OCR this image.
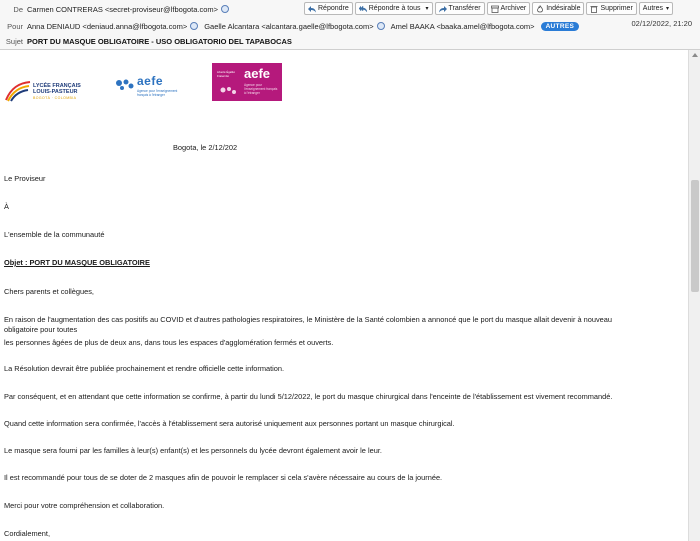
De Carmen CONTRERAS <secret-proviseur@lfbogota.com>	Répondre	Répondre à tous ▾	Transférer	Archiver	Indésirable	Supprimer Autres ▾
Pour Anna DENIAUD <deniaud.anna@lfbogota.com> Gaelle Alcantara <alcantara.gaelle@lfbogota.com> Amel BAAKA <baaka.amel@lfbogota.com>	AUTRES	02/12/2022, 21:20
Sujet PORT DU MASQUE OBLIGATOIRE - USO OBLIGATORIO DEL TAPABOCAS
LYCÉE FRANÇAIS
LOUIS-PASTEUR
BOGOTÁ · COLOMBIA
aefe
Agence pour l'enseignement français à l'étranger
Liberté Égalité Fraternité	aefe
Agence pour l'enseignement français à l'étranger
Bogota, le 2/12/202
Le Proviseur
À
L'ensemble de la communauté
Objet : PORT DU MASQUE OBLIGATOIRE
Chers parents et collègues,
En raison de l'augmentation des cas positifs au COVID et d'autres pathologies respiratoires, le Ministère de la Santé colombien a annoncé que le port du masque allait devenir à nouveau
obligatoire pour toutes
les personnes âgées de plus de deux ans, dans tous les espaces d'agglomération fermés et ouverts.
La Résolution devrait être publiée prochainement et rendre officielle cette information.
Par conséquent, et en attendant que cette information se confirme, à partir du lundi 5/12/2022, le port du masque chirurgical dans l'enceinte de l'établissement est vivement recommandé.
Quand cette information sera confirmée, l'accès à l'établissement sera autorisé uniquement aux personnes portant un masque chirurgical.
Le masque sera fourni par les familles à leur(s) enfant(s) et les personnels du lycée devront également avoir le leur.
Il est recommandé pour tous de se doter de 2 masques afin de pouvoir le remplacer si cela s'avère nécessaire au cours de la journée.
Merci pour votre compréhension et collaboration.
Cordialement,
